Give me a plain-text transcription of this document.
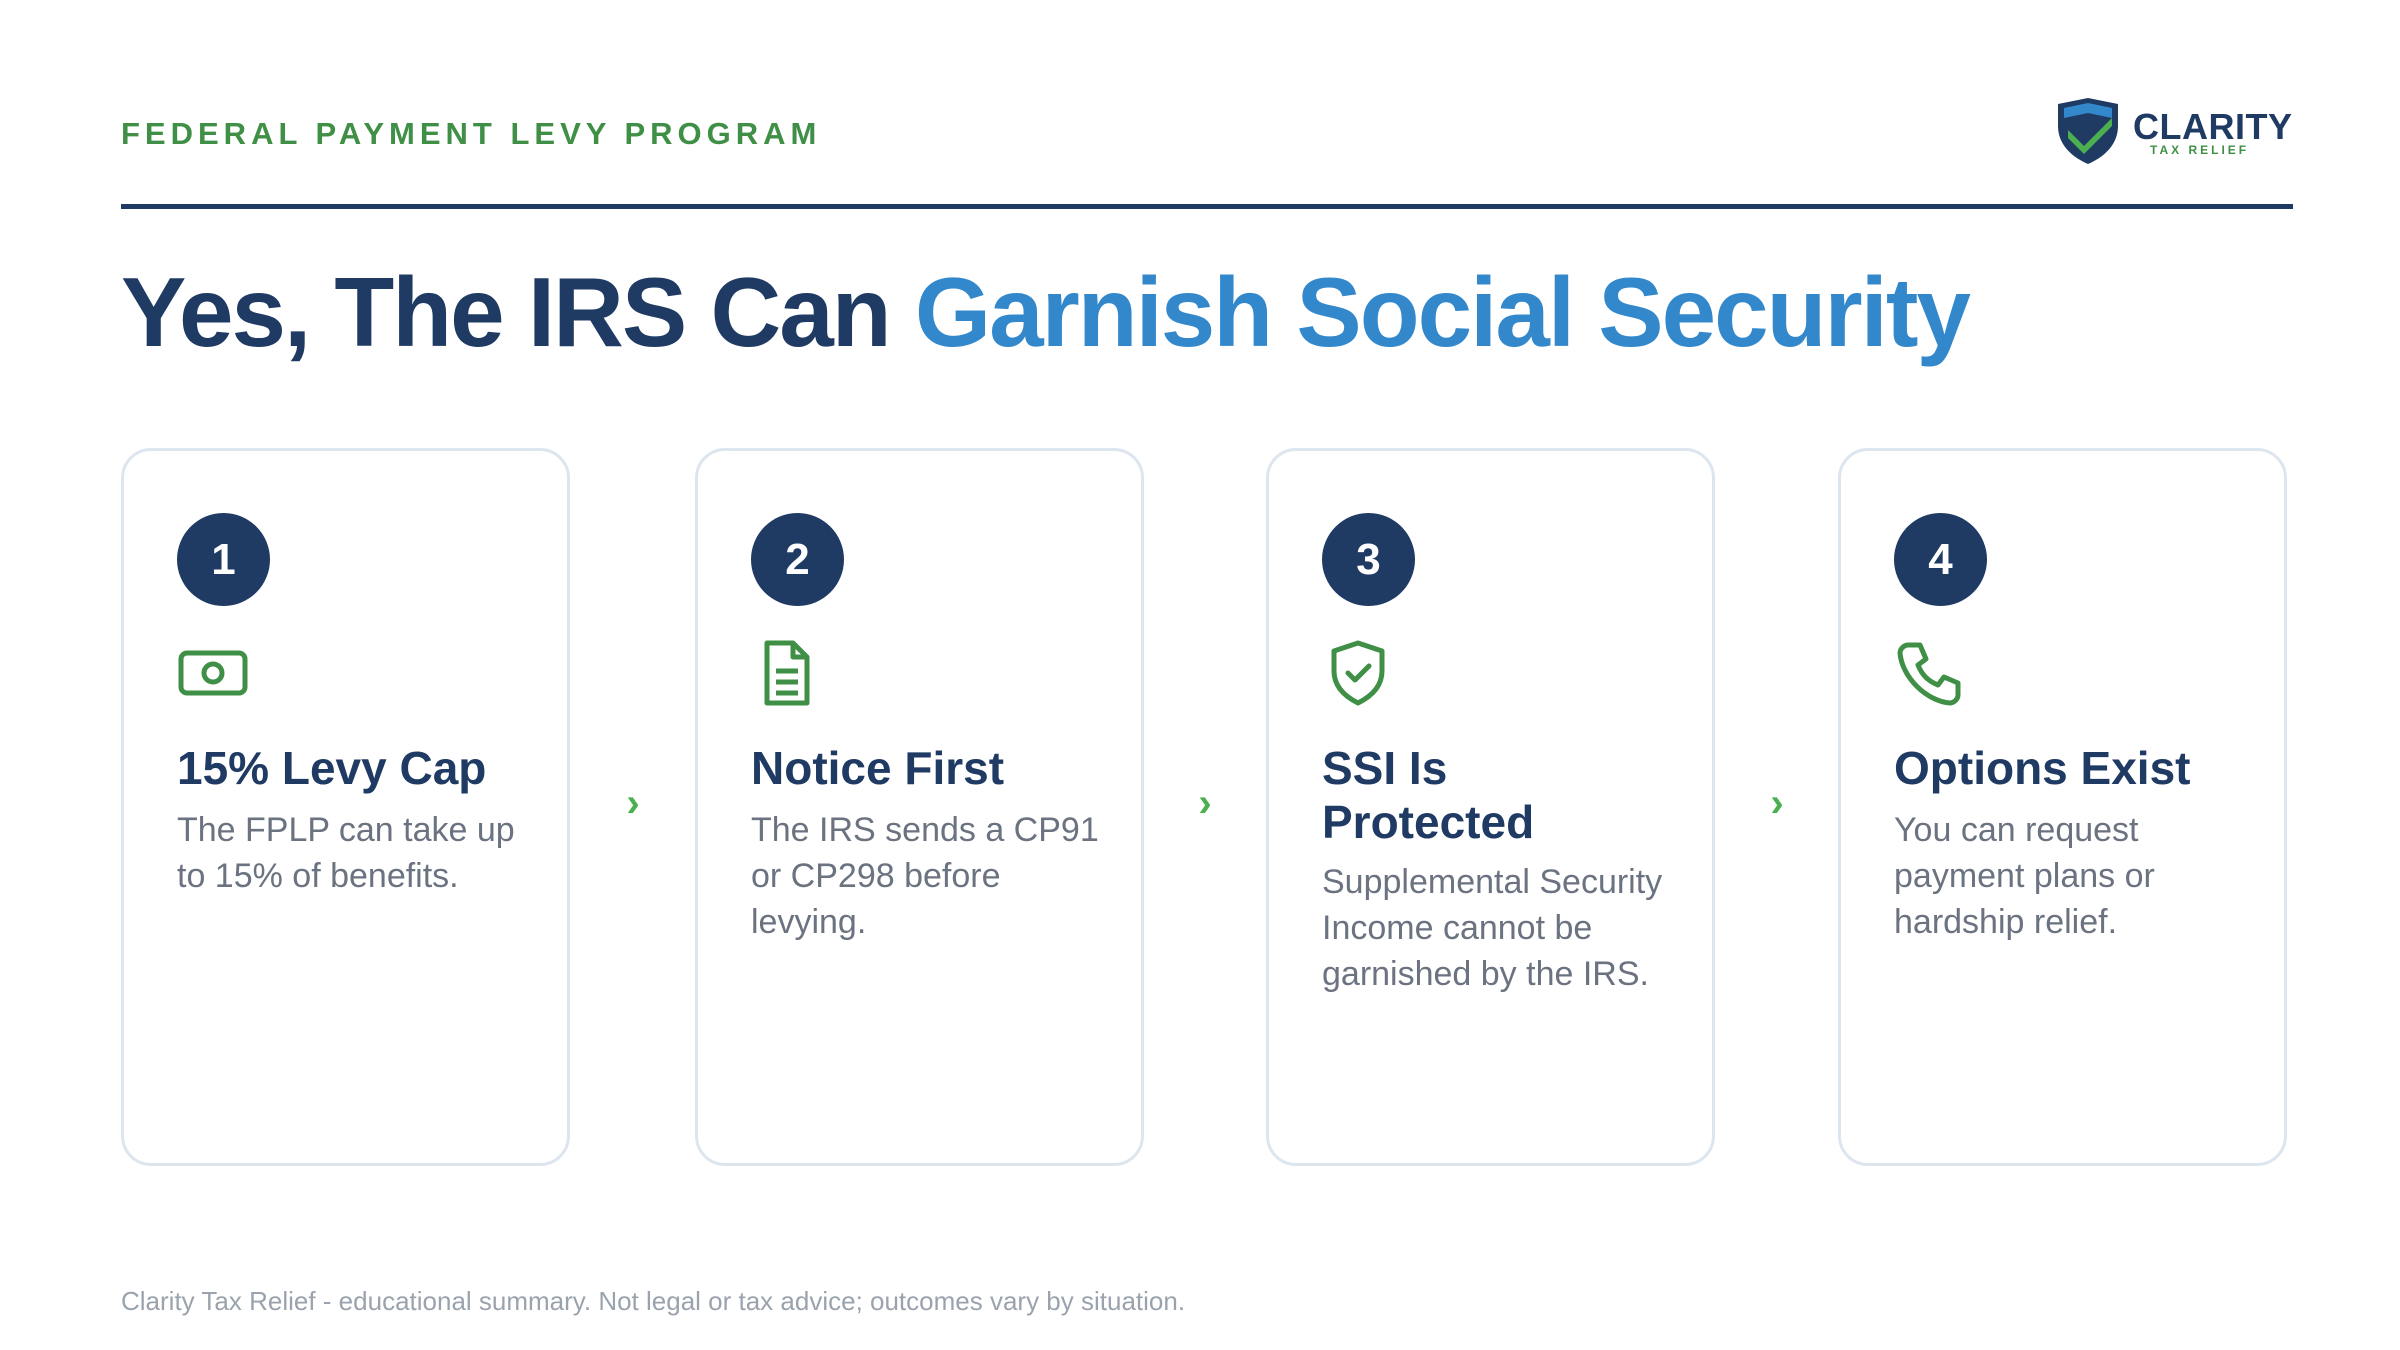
FEDERAL PAYMENT LEVY PROGRAM	CLARITY
TAX RELIEF
Yes, The IRS Can Garnish Social Security
1
15% Levy Cap
The FPLP can take up to 15% of benefits.
›
2
Notice First
The IRS sends a CP91 or CP298 before levying.
›
3
SSI Is Protected
Supplemental Security Income cannot be garnished by the IRS.
›
4
Options Exist
You can request payment plans or hardship relief.
Clarity Tax Relief - educational summary. Not legal or tax advice; outcomes vary by situation.
